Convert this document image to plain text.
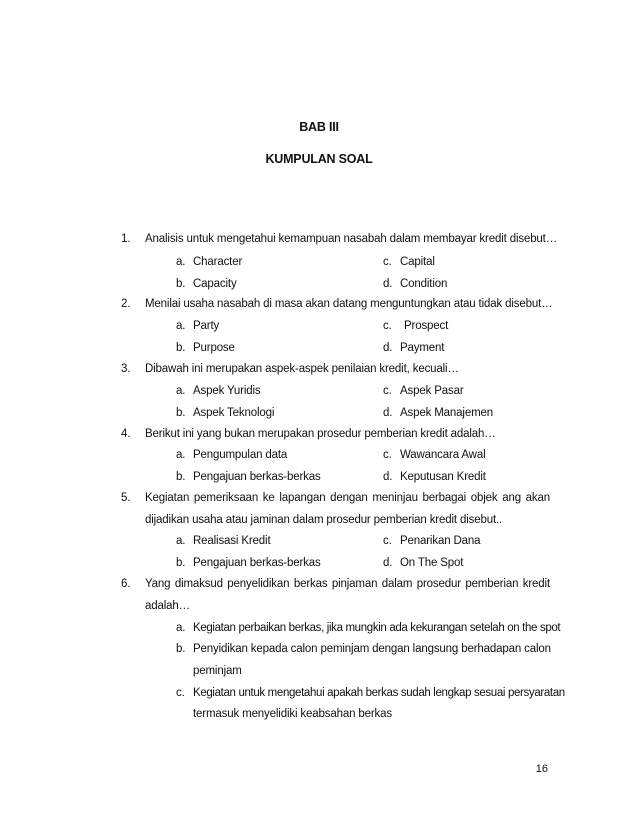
BAB III
KUMPULAN SOAL
1. Analisis untuk mengetahui kemampuan nasabah dalam membayar kredit disebut…
a. Character
b. Capacity
c. Capital
d. Condition
2. Menilai usaha nasabah di masa akan datang menguntungkan atau tidak disebut…
a. Party
b. Purpose
c. Prospect
d. Payment
3. Dibawah ini merupakan aspek-aspek penilaian kredit, kecuali…
a. Aspek Yuridis
b. Aspek Teknologi
c. Aspek Pasar
d. Aspek Manajemen
4. Berikut ini yang bukan merupakan prosedur pemberian kredit adalah…
a. Pengumpulan data
b. Pengajuan berkas-berkas
c. Wawancara Awal
d. Keputusan Kredit
5. Kegiatan pemeriksaan ke lapangan dengan meninjau berbagai objek ang akan
dijadikan usaha atau jaminan dalam prosedur pemberian kredit disebut..
a. Realisasi Kredit
b. Pengajuan berkas-berkas
c. Penarikan Dana
d. On The Spot
6. Yang dimaksud penyelidikan berkas pinjaman dalam prosedur pemberian kredit
adalah…
a. Kegiatan perbaikan berkas, jika mungkin ada kekurangan setelah on the spot
b. Penyidikan kepada calon peminjam dengan langsung berhadapan calon
peminjam
c. Kegiatan untuk mengetahui apakah berkas sudah lengkap sesuai persyaratan
termasuk menyelidiki keabsahan berkas
16
